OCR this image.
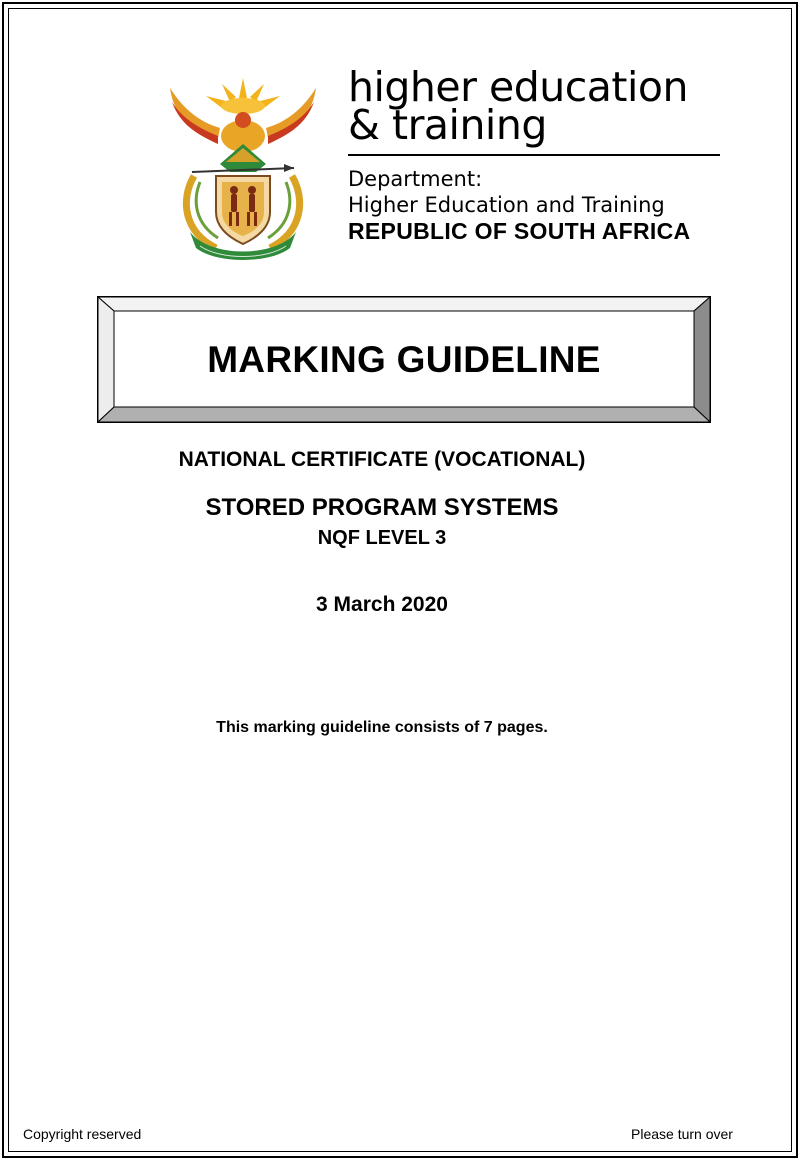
higher education
& training
Department:
Higher Education and Training
REPUBLIC OF SOUTH AFRICA
MARKING GUIDELINE
NATIONAL CERTIFICATE (VOCATIONAL)
STORED PROGRAM SYSTEMS
NQF LEVEL 3
3 March 2020
This marking guideline consists of 7 pages.
Copyright reserved	Please turn over
